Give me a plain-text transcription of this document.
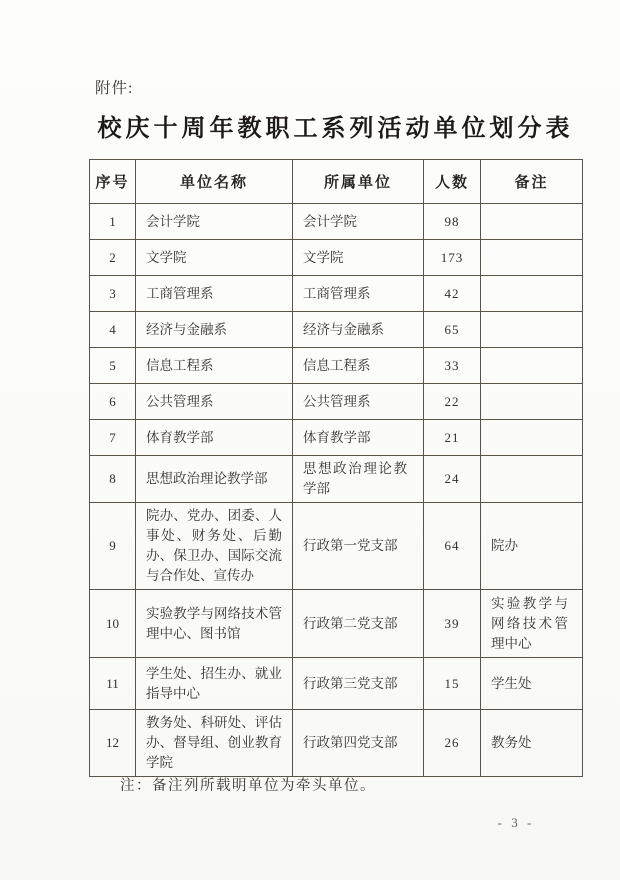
附件:
校庆十周年教职工系列活动单位划分表
序号	单位名称	所属单位	人数	备注
1	会计学院	会计学院	98	
2	文学院	文学院	173	
3	工商管理系	工商管理系	42	
4	经济与金融系	经济与金融系	65	
5	信息工程系	信息工程系	33	
6	公共管理系	公共管理系	22	
7	体育教学部	体育教学部	21	
8	思想政治理论教学部	思想政治理论教学部	24	
9	院办、党办、团委、人事处、财务处、后勤办、保卫办、国际交流与合作处、宣传办	行政第一党支部	64	院办
10	实验教学与网络技术管理中心、图书馆	行政第二党支部	39	实验教学与网络技术管理中心
11	学生处、招生办、就业指导中心	行政第三党支部	15	学生处
12	教务处、科研处、评估办、督导组、创业教育学院	行政第四党支部	26	教务处
注：备注列所载明单位为牵头单位。
- 3 -
